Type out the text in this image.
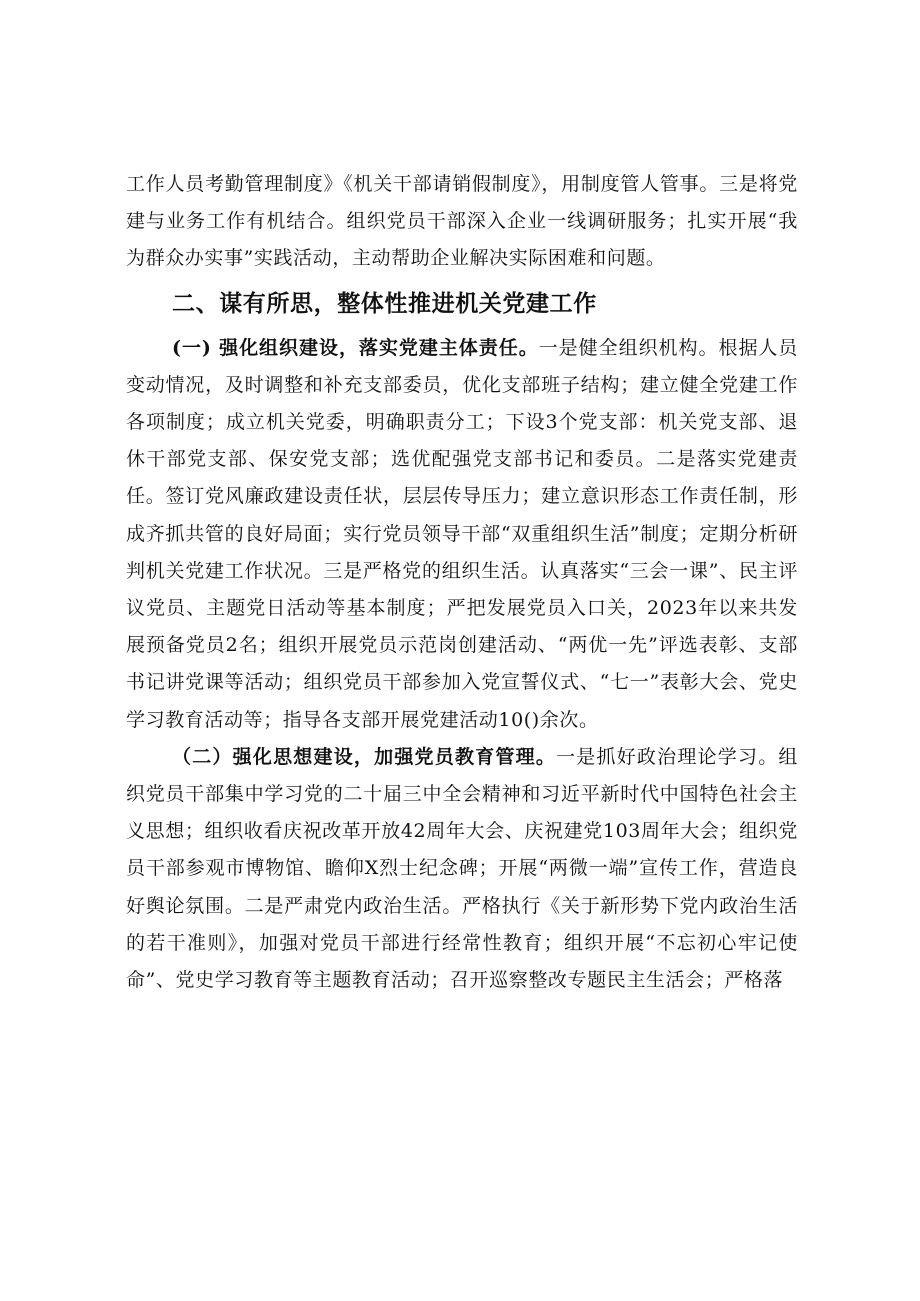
工作人员考勤管理制度》《机关干部请销假制度》，用制度管人管事。三是将党建与业务工作有机结合。组织党员干部深入企业一线调研服务；扎实开展“我为群众办实事”实践活动，主动帮助企业解决实际困难和问题。

二、谋有所思，整体性推进机关党建工作

(一) 强化组织建设，落实党建主体责任。一是健全组织机构。根据人员变动情况，及时调整和补充支部委员，优化支部班子结构；建立健全党建工作各项制度；成立机关党委，明确职责分工；下设3个党支部：机关党支部、退休干部党支部、保安党支部；选优配强党支部书记和委员。二是落实党建责任。签订党风廉政建设责任状，层层传导压力；建立意识形态工作责任制，形成齐抓共管的良好局面；实行党员领导干部“双重组织生活”制度；定期分析研判机关党建工作状况。三是严格党的组织生活。认真落实“三会一课”、民主评议党员、主题党日活动等基本制度；严把发展党员入口关，2023年以来共发展预备党员2名；组织开展党员示范岗创建活动、“两优一先”评选表彰、支部书记讲党课等活动；组织党员干部参加入党宣誓仪式、“七一”表彰大会、党史学习教育活动等；指导各支部开展党建活动10()余次。

（二）强化思想建设，加强党员教育管理。一是抓好政治理论学习。组织党员干部集中学习党的二十届三中全会精神和习近平新时代中国特色社会主义思想；组织收看庆祝改革开放42周年大会、庆祝建党103周年大会；组织党员干部参观市博物馆、瞻仰X烈士纪念碑；开展“两微一端”宣传工作，营造良好舆论氛围。二是严肃党内政治生活。严格执行《关于新形势下党内政治生活的若干准则》，加强对党员干部进行经常性教育；组织开展“不忘初心牢记使命”、党史学习教育等主题教育活动；召开巡察整改专题民主生活会；严格落
